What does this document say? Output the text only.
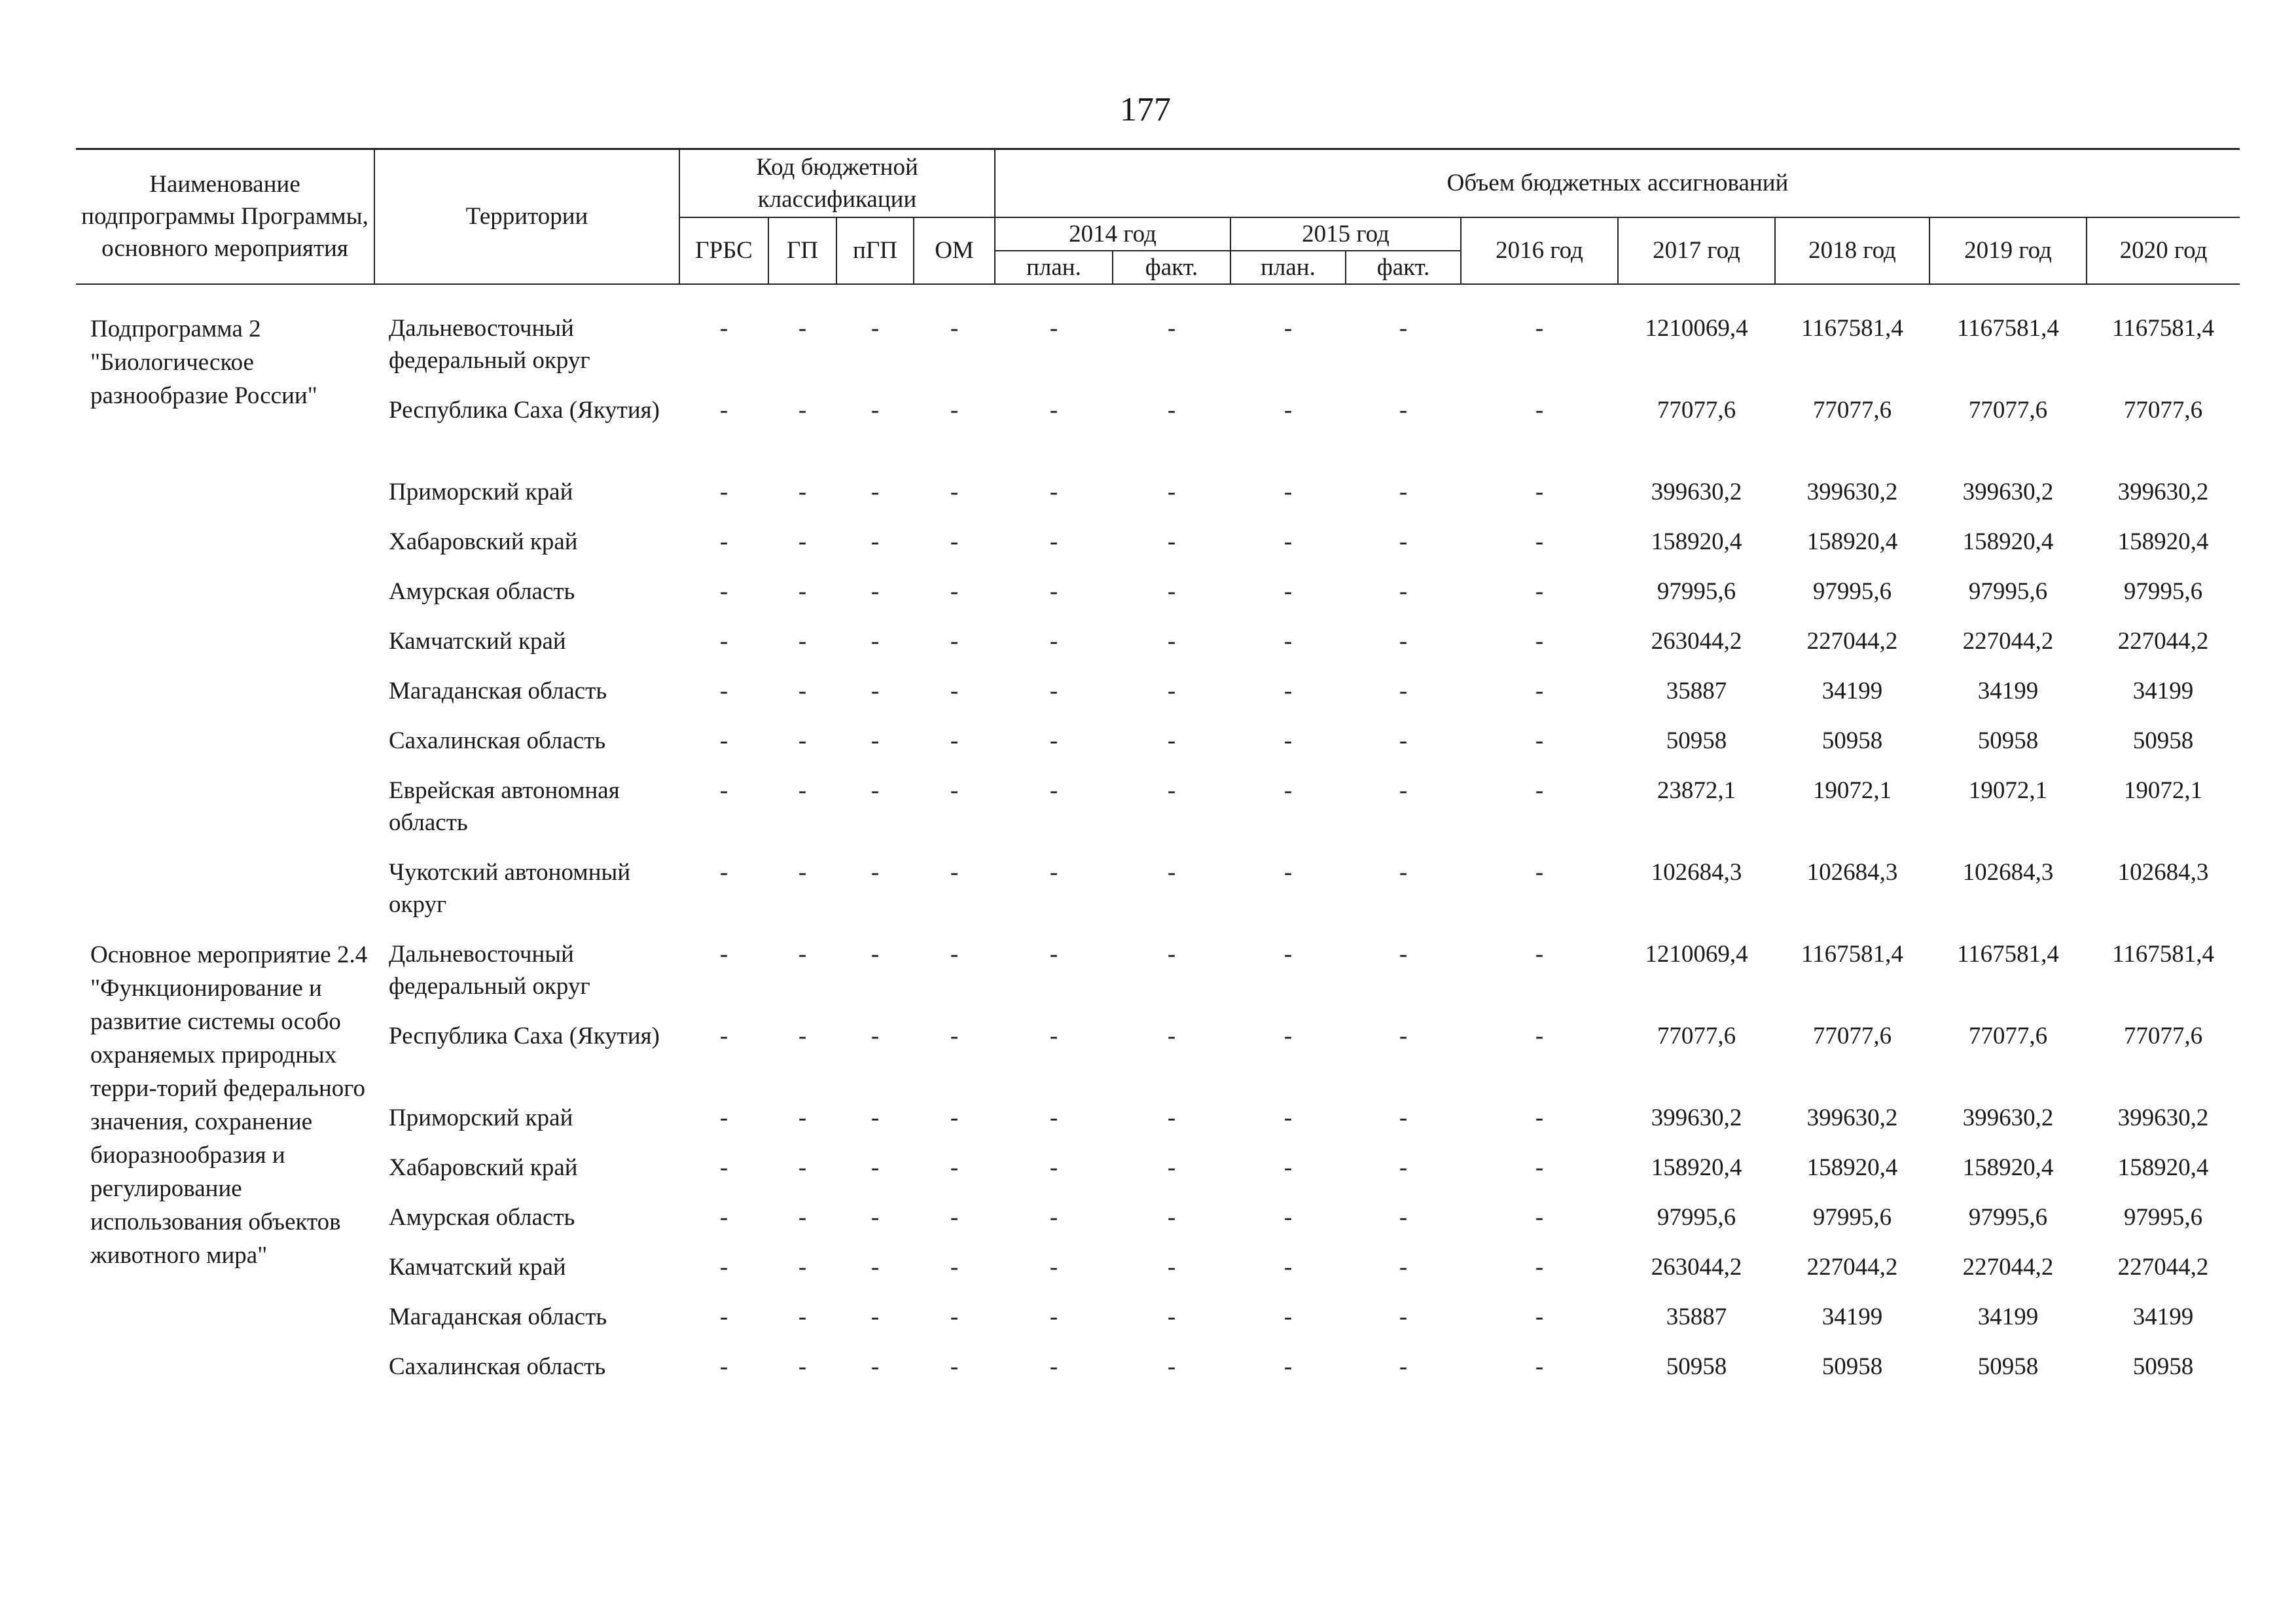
177
Наименование подпрограммы Программы, основного мероприятия	Территории	Код бюджетной классификации				Объем бюджетных ассигнований								
		ГРБС	ГП	пГП	ОМ	2014 год		2015 год		2016 год	2017 год	2018 год	2019 год	2020 год
						план.	факт.	план.	факт.					

Подпрограмма 2 "Биологическое разнообразие России"	Дальневосточный федеральный округ	-	-	-	-	-	-	-	-	-	1210069,4	1167581,4	1167581,4	1167581,4
	Республика Саха (Якутия)	-	-	-	-	-	-	-	-	-	77077,6	77077,6	77077,6	77077,6
	Приморский край	-	-	-	-	-	-	-	-	-	399630,2	399630,2	399630,2	399630,2
	Хабаровский край	-	-	-	-	-	-	-	-	-	158920,4	158920,4	158920,4	158920,4
	Амурская область	-	-	-	-	-	-	-	-	-	97995,6	97995,6	97995,6	97995,6
	Камчатский край	-	-	-	-	-	-	-	-	-	263044,2	227044,2	227044,2	227044,2
	Магаданская область	-	-	-	-	-	-	-	-	-	35887	34199	34199	34199
	Сахалинская область	-	-	-	-	-	-	-	-	-	50958	50958	50958	50958
	Еврейская автономная область	-	-	-	-	-	-	-	-	-	23872,1	19072,1	19072,1	19072,1
	Чукотский автономный округ	-	-	-	-	-	-	-	-	-	102684,3	102684,3	102684,3	102684,3
Основное мероприятие 2.4 "Функционирование и развитие системы особо охраняемых природных терри-торий федерального значения, сохранение биоразнообразия и регулирование использования объектов животного мира"	Дальневосточный федеральный округ	-	-	-	-	-	-	-	-	-	1210069,4	1167581,4	1167581,4	1167581,4
	Республика Саха (Якутия)	-	-	-	-	-	-	-	-	-	77077,6	77077,6	77077,6	77077,6
	Приморский край	-	-	-	-	-	-	-	-	-	399630,2	399630,2	399630,2	399630,2
	Хабаровский край	-	-	-	-	-	-	-	-	-	158920,4	158920,4	158920,4	158920,4
	Амурская область	-	-	-	-	-	-	-	-	-	97995,6	97995,6	97995,6	97995,6
	Камчатский край	-	-	-	-	-	-	-	-	-	263044,2	227044,2	227044,2	227044,2
	Магаданская область	-	-	-	-	-	-	-	-	-	35887	34199	34199	34199
	Сахалинская область	-	-	-	-	-	-	-	-	-	50958	50958	50958	50958
